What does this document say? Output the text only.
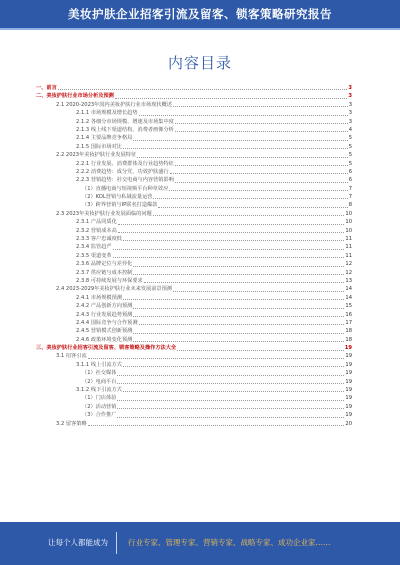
美妆护肤企业招客引流及留客、锁客策略研究报告
内容目录
一、前言	3
二、美妆护肤行业市场分析及预测	3
2.1 2020-2023年国内美妆护肤行业市场现状概述	3
2.1.1 市场规模及增长趋势	3
2.1.2 各细分市场规模、增速及市场集中度	3
2.1.3 线上线下渠道结构、消费者画像分析	4
2.1.4 主要品牌竞争格局	5
2.1.5 国际市场对比	5
2.2 2023年美妆护肤行业发展特征	5
2.2.1 行业发展、消费群体及行业趋势特征	5
2.2.2 消费趋势：成分党、功效护肤盛行	6
2.2.3 营销趋势：社交电商与内容营销影响	6
（1）直播电商与短视频平台种草效应	7
（2）KOL营销与私域流量运营	7
（3）跨界营销与IP联名打造爆款	8
2.3 2023年美妆护肤行业发展面临的问题	10
2.3.1 产品同质化	10
2.3.2 营销成本高	10
2.3.3 客户忠诚度低	11
2.3.4 监管趋严	11
2.3.5 渠道变革	11
2.3.6 品牌定位与差异化	12
2.3.7 供应链与成本控制	12
2.3.8 可持续发展与环保要求	13
2.4 2023-2029年美妆护肤行业未来发展前景预测	14
2.4.1 市场规模预测	14
2.4.2 产品创新方向预测	15
2.4.3 行业发展趋势预测	16
2.4.4 国际竞争与合作预测	17
2.4.5 营销模式创新预测	18
2.4.6 政策环境变化预测	18
三、美妆护肤行业招客引流及留客、锁客策略及操作方法大全	19
3.1 招客引流	19
3.1.1 线上引流方式	19
（1）社交媒体	19
（2）电商平台	19
3.1.2 线下引流方式	19
（1）门店体验	19
（2）活动营销	19
（3）合作推广	19
3.2 留客策略	20
让每个人都能成为	行业专家、管理专家、营销专家、战略专家、成功企业家……
